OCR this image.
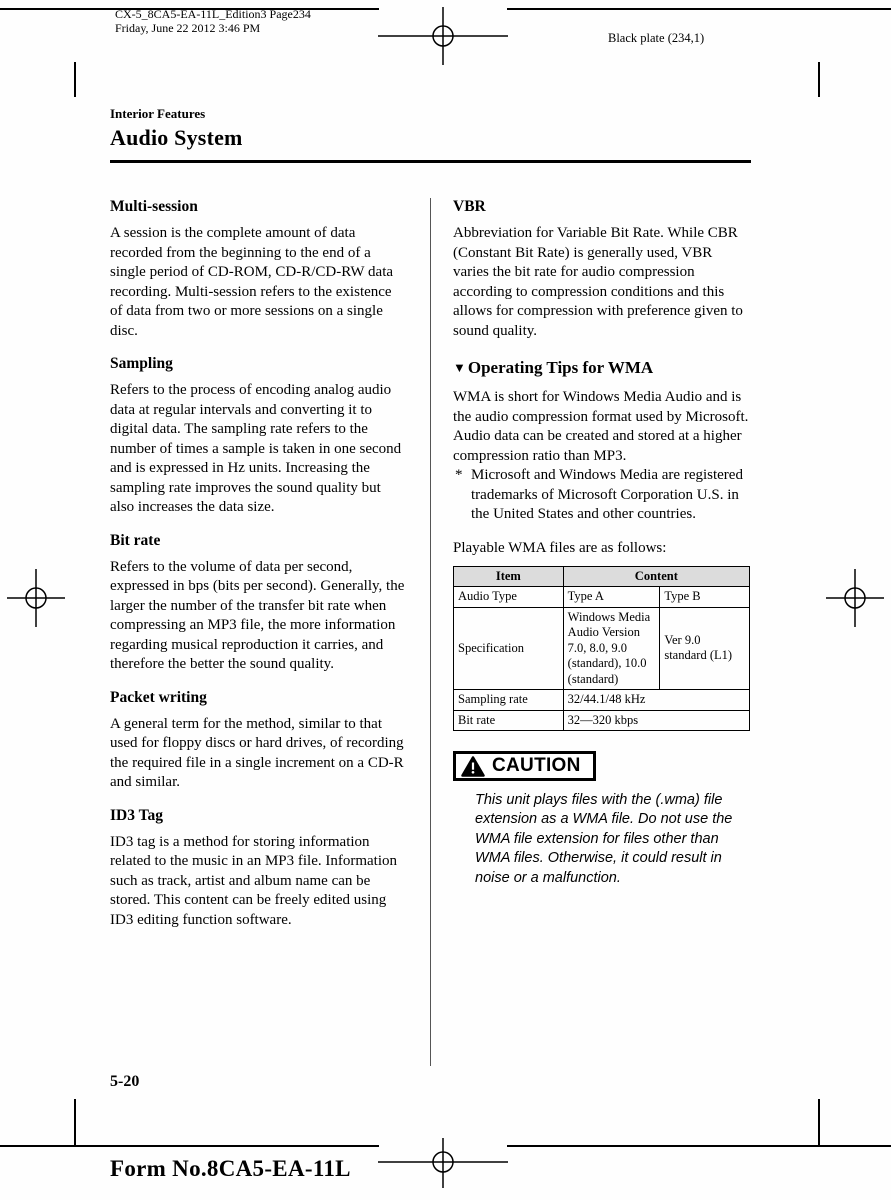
CX-5_8CA5-EA-11L_Edition3 Page234
Friday, June 22 2012 3:46 PM
Black plate (234,1)
Interior Features
Audio System
Multi-session
A session is the complete amount of data recorded from the beginning to the end of a single period of CD-ROM, CD-R/CD-RW data recording. Multi-session refers to the existence of data from two or more sessions on a single disc.
Sampling
Refers to the process of encoding analog audio data at regular intervals and converting it to digital data. The sampling rate refers to the number of times a sample is taken in one second and is expressed in Hz units. Increasing the sampling rate improves the sound quality but also increases the data size.
Bit rate
Refers to the volume of data per second, expressed in bps (bits per second). Generally, the larger the number of the transfer bit rate when compressing an MP3 file, the more information regarding musical reproduction it carries, and therefore the better the sound quality.
Packet writing
A general term for the method, similar to that used for floppy discs or hard drives, of recording the required file in a single increment on a CD-R and similar.
ID3 Tag
ID3 tag is a method for storing information related to the music in an MP3 file. Information such as track, artist and album name can be stored. This content can be freely edited using ID3 editing function software.
VBR
Abbreviation for Variable Bit Rate. While CBR (Constant Bit Rate) is generally used, VBR varies the bit rate for audio compression according to compression conditions and this allows for compression with preference given to sound quality.
▼ Operating Tips for WMA
WMA is short for Windows Media Audio and is the audio compression format used by Microsoft.
Audio data can be created and stored at a higher compression ratio than MP3.
* Microsoft and Windows Media are registered trademarks of Microsoft Corporation U.S. in the United States and other countries.
Playable WMA files are as follows:
Item	Content	
Audio Type	Type A	Type B
Specification	Windows Media Audio Version 7.0, 8.0, 9.0 (standard), 10.0 (standard)	Ver 9.0 standard (L1)
Sampling rate	32/44.1/48 kHz	
Bit rate	32—320 kbps	
CAUTION
This unit plays files with the (.wma) file extension as a WMA file. Do not use the WMA file extension for files other than WMA files. Otherwise, it could result in noise or a malfunction.
5-20
Form No.8CA5-EA-11L
